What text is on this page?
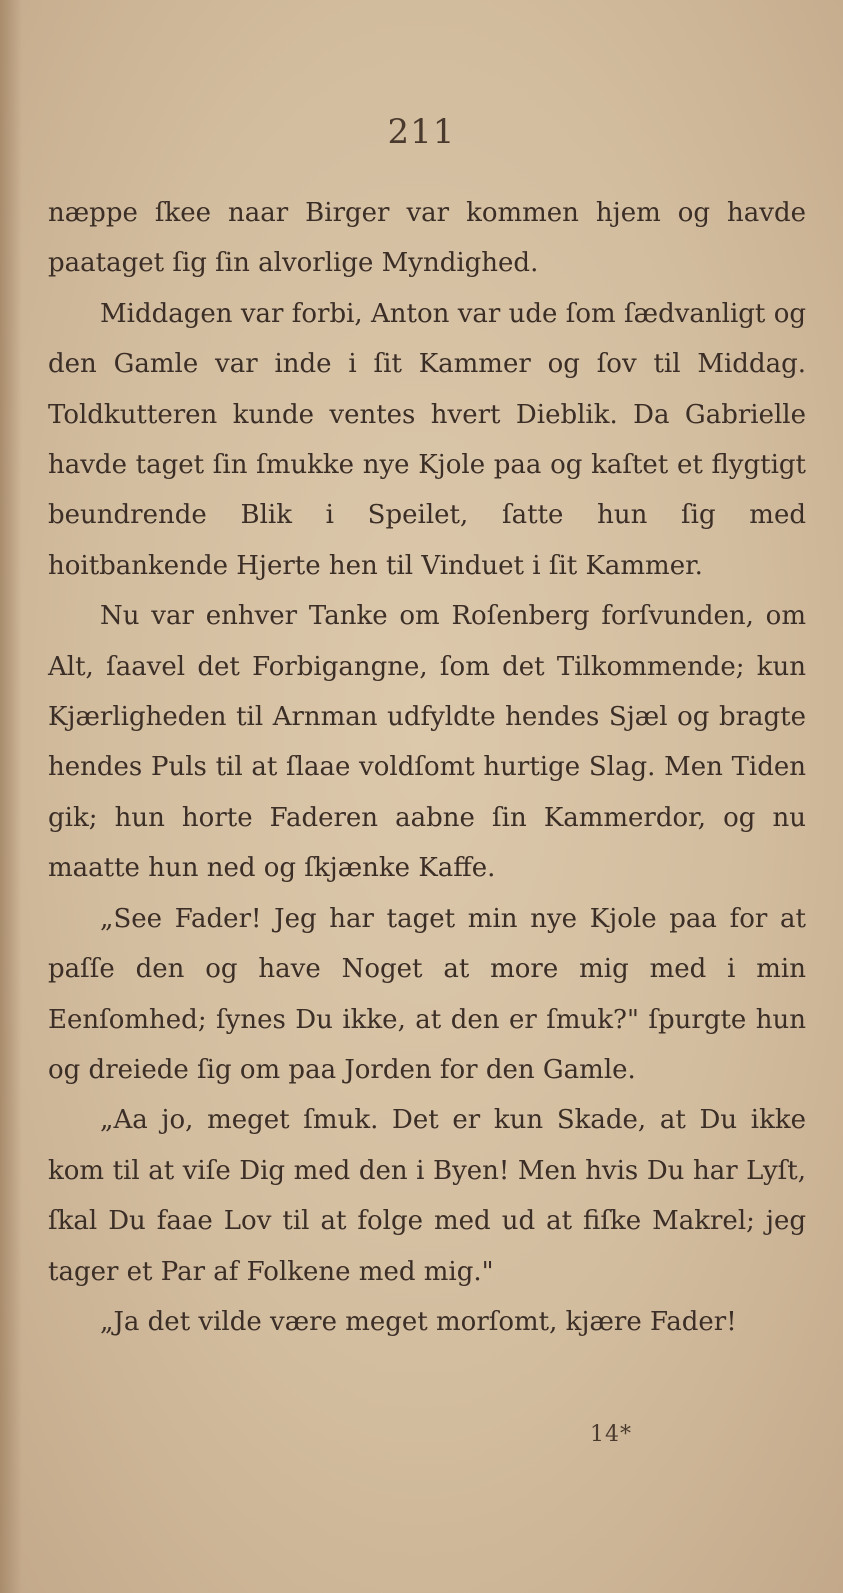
211

næppe ſkee naar Birger var kommen hjem og havde paataget ſig ſin alvorlige Myndighed.

Middagen var forbi, Anton var ude ſom ſædvanligt og den Gamle var inde i ſit Kammer og ſov til Middag. Toldkutteren kunde ventes hvert Dieblik. Da Gabrielle havde taget ſin ſmukke nye Kjole paa og kaſtet et flygtigt beundrende Blik i Speilet, ſatte hun ſig med hoitbankende Hjerte hen til Vinduet i ſit Kammer.

Nu var enhver Tanke om Roſenberg forſvunden, om Alt, ſaavel det Forbigangne, ſom det Tilkommende; kun Kjærligheden til Arnman udfyldte hendes Sjæl og bragte hendes Puls til at ſlaae voldſomt hurtige Slag. Men Tiden gik; hun horte Faderen aabne ſin Kammerdor, og nu maatte hun ned og ſkjænke Kaffe.

„See Fader! Jeg har taget min nye Kjole paa for at paſſe den og have Noget at more mig med i min Eenſomhed; ſynes Du ikke, at den er ſmuk?" ſpurgte hun og dreiede ſig om paa Jorden for den Gamle.

„Aa jo, meget ſmuk. Det er kun Skade, at Du ikke kom til at viſe Dig med den i Byen! Men hvis Du har Lyſt, ſkal Du faae Lov til at folge med ud at fiſke Makrel; jeg tager et Par af Folkene med mig."

„Ja det vilde være meget morſomt, kjære Fader!

14*
